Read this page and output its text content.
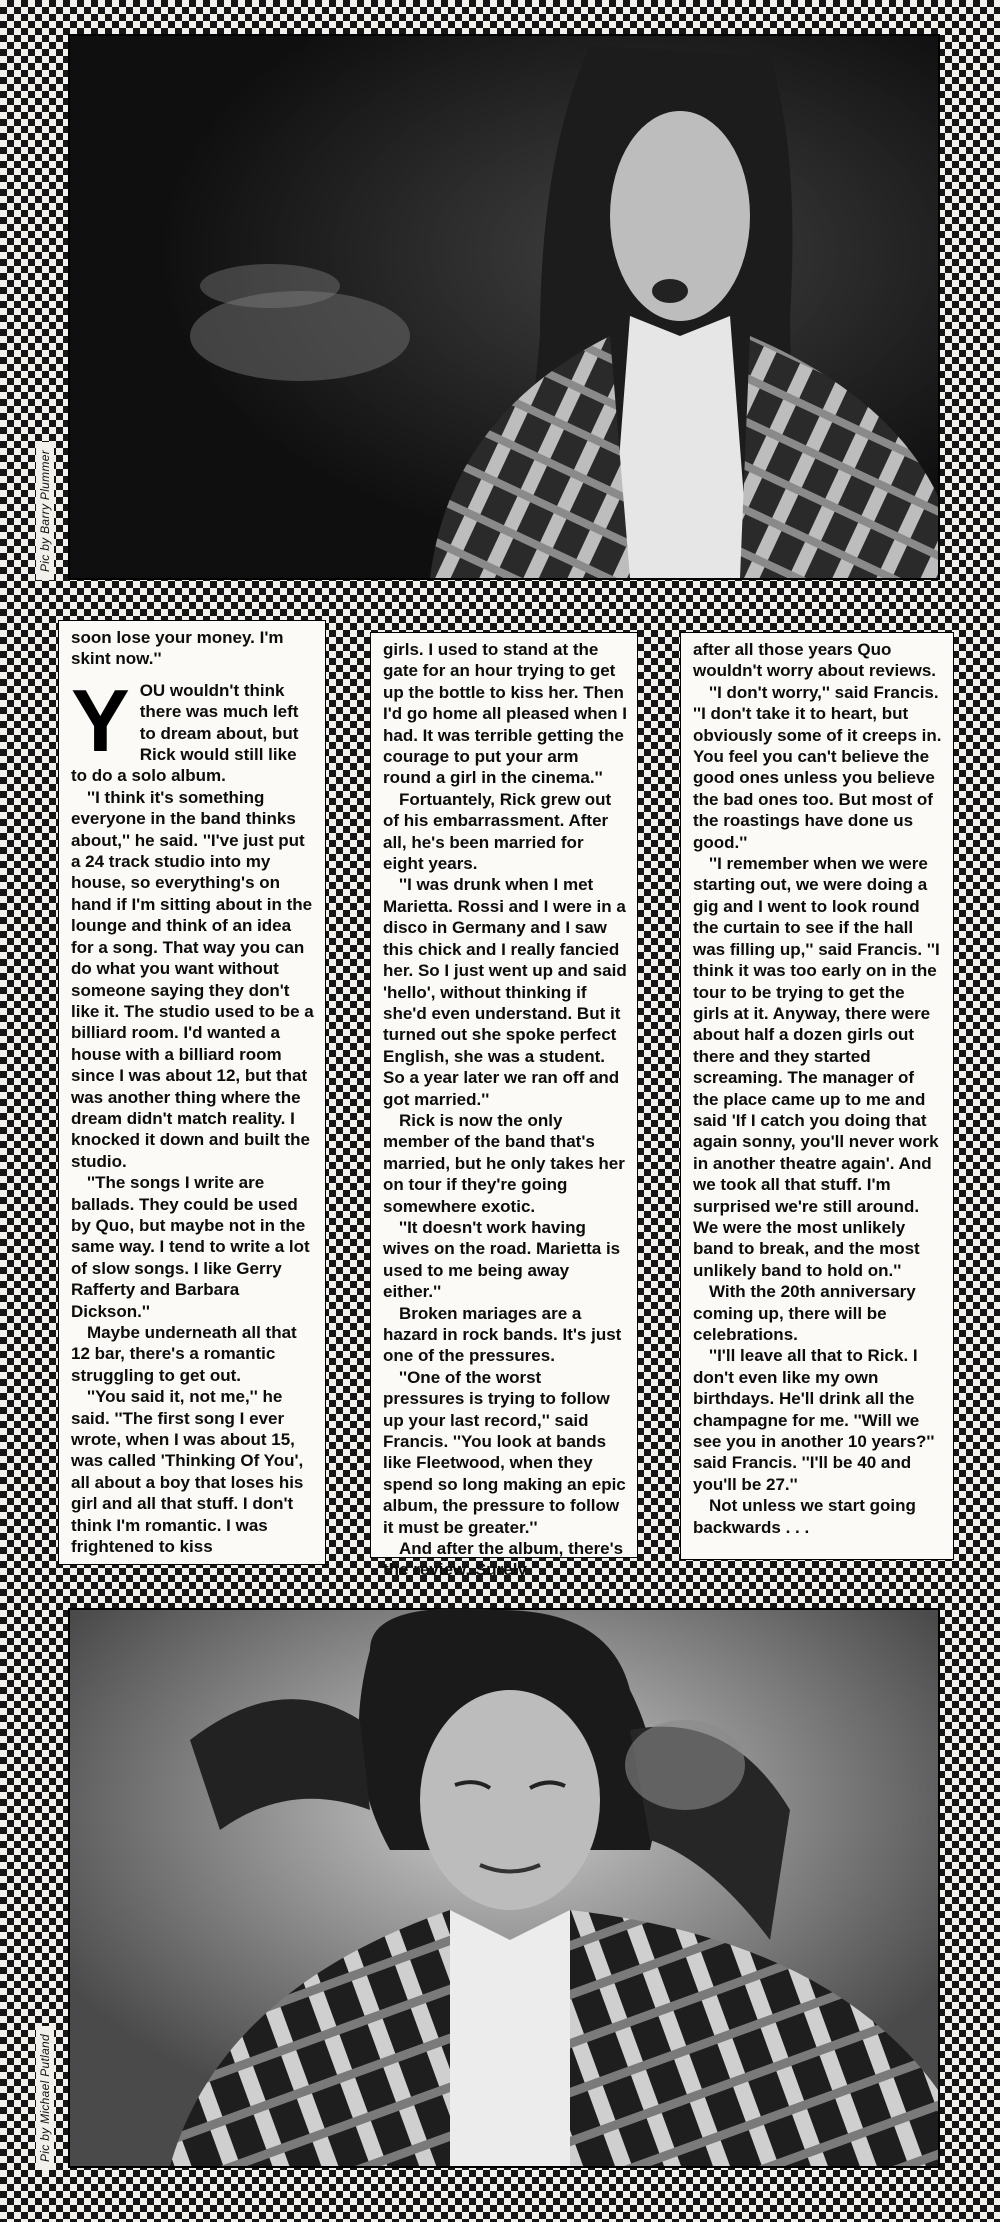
Pic by Barry Plummer

soon lose your money. I'm skint now.''

YOU wouldn't think there was much left to dream about, but Rick would still like to do a solo album.

''I think it's something everyone in the band thinks about,'' he said. ''I've just put a 24 track studio into my house, so everything's on hand if I'm sitting about in the lounge and think of an idea for a song. That way you can do what you want without someone saying they don't like it. The studio used to be a billiard room. I'd wanted a house with a billiard room since I was about 12, but that was another thing where the dream didn't match reality. I knocked it down and built the studio.

''The songs I write are ballads. They could be used by Quo, but maybe not in the same way. I tend to write a lot of slow songs. I like Gerry Rafferty and Barbara Dickson.''

Maybe underneath all that 12 bar, there's a romantic struggling to get out.

''You said it, not me,'' he said. ''The first song I ever wrote, when I was about 15, was called 'Thinking Of You', all about a boy that loses his girl and all that stuff. I don't think I'm romantic. I was frightened to kiss

girls. I used to stand at the gate for an hour trying to get up the bottle to kiss her. Then I'd go home all pleased when I had. It was terrible getting the courage to put your arm round a girl in the cinema.''

Fortuantely, Rick grew out of his embarrassment. After all, he's been married for eight years.

''I was drunk when I met Marietta. Rossi and I were in a disco in Germany and I saw this chick and I really fancied her. So I just went up and said 'hello', without thinking if she'd even understand. But it turned out she spoke perfect English, she was a student. So a year later we ran off and got married.''

Rick is now the only member of the band that's married, but he only takes her on tour if they're going somewhere exotic.

''It doesn't work having wives on the road. Marietta is used to me being away either.''

Broken mariages are a hazard in rock bands. It's just one of the pressures.

''One of the worst pressures is trying to follow up your last record,'' said Francis. ''You look at bands like Fleetwood, when they spend so long making an epic album, the pressure to follow it must be greater.''

And after the album, there's the review. Surely

after all those years Quo wouldn't worry about reviews.

''I don't worry,'' said Francis. ''I don't take it to heart, but obviously some of it creeps in. You feel you can't believe the good ones unless you believe the bad ones too. But most of the roastings have done us good.''

''I remember when we were starting out, we were doing a gig and I went to look round the curtain to see if the hall was filling up,'' said Francis. ''I think it was too early on in the tour to be trying to get the girls at it. Anyway, there were about half a dozen girls out there and they started screaming. The manager of the place came up to me and said 'If I catch you doing that again sonny, you'll never work in another theatre again'. And we took all that stuff. I'm surprised we're still around. We were the most unlikely band to break, and the most unlikely band to hold on.''

With the 20th anniversary coming up, there will be celebrations.

''I'll leave all that to Rick. I don't even like my own birthdays. He'll drink all the champagne for me. ''Will we see you in another 10 years?'' said Francis. ''I'll be 40 and you'll be 27.''

Not unless we start going backwards . . .

Pic by Michael Putland
